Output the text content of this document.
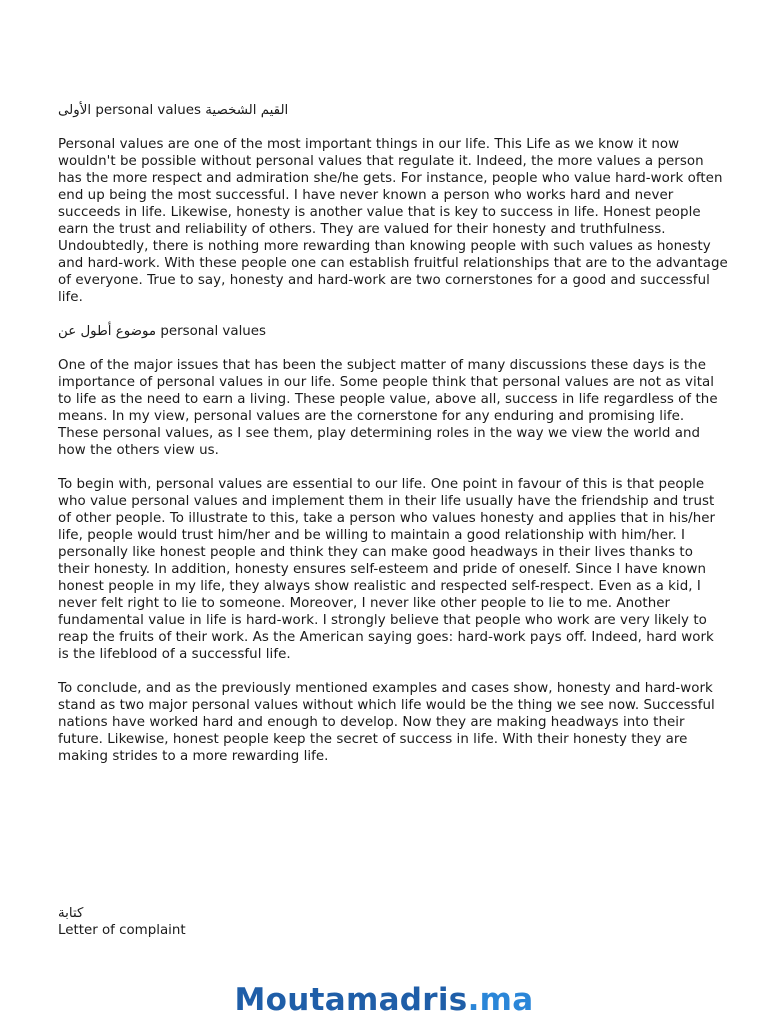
الأولى personal values القيم الشخصية

Personal values are one of the most important things in our life. This Life as we know it now wouldn't be possible without personal values that regulate it. Indeed, the more values a person has the more respect and admiration she/he gets. For instance, people who value hard-work often end up being the most successful. I have never known a person who works hard and never succeeds in life. Likewise, honesty is another value that is key to success in life. Honest people earn the trust and reliability of others. They are valued for their honesty and truthfulness. Undoubtedly, there is nothing more rewarding than knowing people with such values as honesty and hard-work. With these people one can establish fruitful relationships that are to the advantage of everyone. True to say, honesty and hard-work are two cornerstones for a good and successful life.

موضوع أطول عن personal values

One of the major issues that has been the subject matter of many discussions these days is the importance of personal values in our life. Some people think that personal values are not as vital to life as the need to earn a living. These people value, above all, success in life regardless of the means. In my view, personal values are the cornerstone for any enduring and promising life. These personal values, as I see them, play determining roles in the way we view the world and how the others view us.

To begin with, personal values are essential to our life. One point in favour of this is that people who value personal values and implement them in their life usually have the friendship and trust of other people. To illustrate to this, take a person who values honesty and applies that in his/her life, people would trust him/her and be willing to maintain a good relationship with him/her. I personally like honest people and think they can make good headways in their lives thanks to their honesty. In addition, honesty ensures self-esteem and pride of oneself. Since I have known honest people in my life, they always show realistic and respected self-respect. Even as a kid, I never felt right to lie to someone. Moreover, I never like other people to lie to me. Another fundamental value in life is hard-work. I strongly believe that people who work are very likely to reap the fruits of their work. As the American saying goes: hard-work pays off. Indeed, hard work is the lifeblood of a successful life.

To conclude, and as the previously mentioned examples and cases show, honesty and hard-work stand as two major personal values without which life would be the thing we see now. Successful nations have worked hard and enough to develop. Now they are making headways into their future. Likewise, honest people keep the secret of success in life. With their honesty they are making strides to a more rewarding life.

كتابة
Letter of complaint
Moutamadris.ma
